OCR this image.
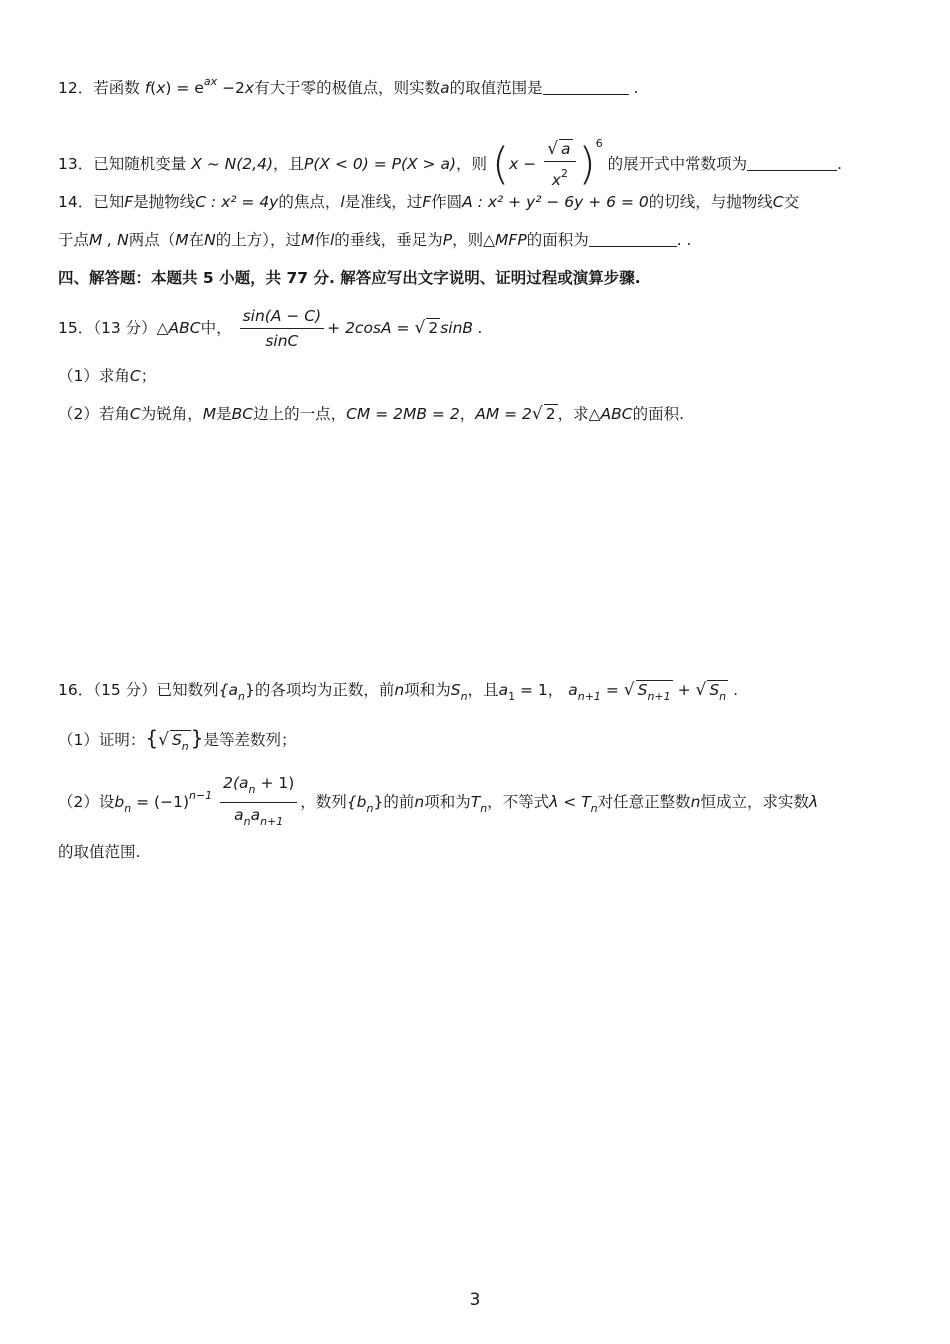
12．若函数 $f(x) = e^{ax} -2x$有大于零的极值点，则实数a的取值范围是	.
13．已知随机变量 X ~ N(2,4)，且P(X < 0) = P(X > a)，则 $(x - \frac{√ a}{x^2} )^6$ 的展开式中常数项为	.
14．已知F是抛物线C : x² = 4y的焦点，l是准线，过F作圆A : x² + y² − 6y + 6 = 0的切线，与抛物线C交
于点M , N两点（M在N的上方），过M作l的垂线，垂足为P，则△MFP的面积为	. .
四、解答题：本题共 5 小题，共 77 分. 解答应写出文字说明、证明过程或演算步骤.
15．（13 分）△ABC中， $\frac{\sin(A - C)}{\sin C} + 2\cos A$ = √ 2 sinB .
（1）求角C；
（2）若角C为锐角，M是BC边上的一点，CM = 2MB = 2，AM = 2√ 2 ，求△ABC的面积.
16．（15 分）已知数列$\{a_n\}$的各项均为正数，前n项和为$S_n$，且$a_1 = 1$， $a_{n+1}$ = √ $S_{n+1}$ + √ $S_n$ .
（1）证明：{√ $S_n$ }是等差数列；
（2）设$b_n = (-1)^{n-1} \frac{2(a_n + 1)}{a_na_{n+1}}$ ，数列$\{b_n\}$的前n项和为$T_n$，不等式$\lambda < T_n$对任意正整数n恒成立，求实数λ
的取值范围.
3
